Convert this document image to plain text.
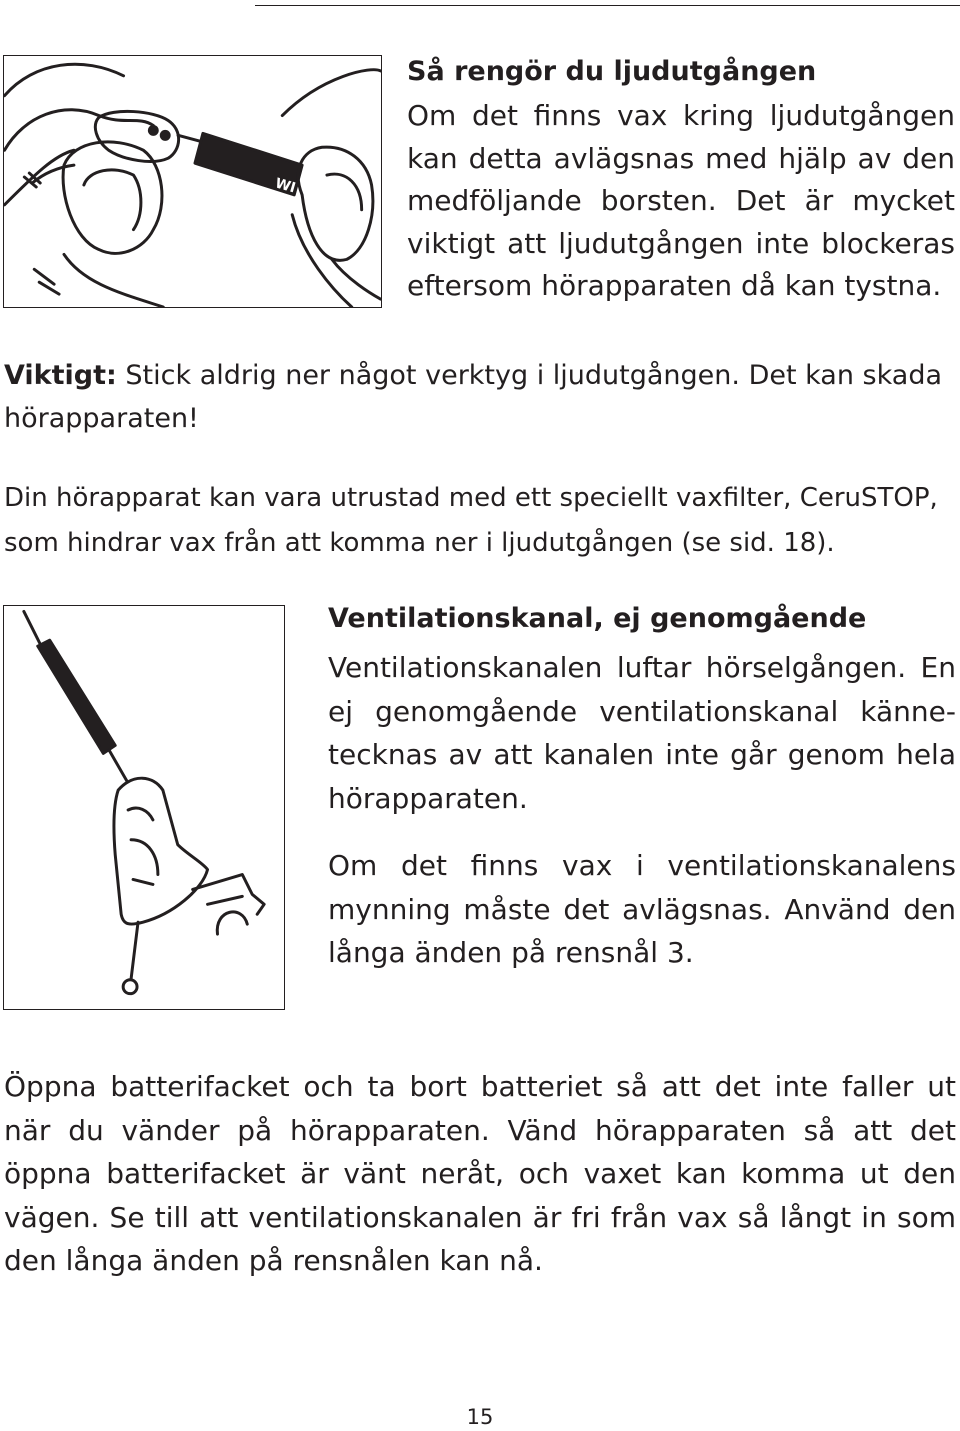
WI

Så rengör du ljudutgången

Om det finns vax kring ljudutgången kan detta avlägsnas med hjälp av den medföljande borsten. Det är mycket viktigt att ljudutgången inte blockeras eftersom hörapparaten då kan tystna.

Viktigt: Stick aldrig ner något verktyg i ljudutgången. Det kan skada hörapparaten!

Din hörapparat kan vara utrustad med ett speciellt vaxfilter, CeruSTOP, som hindrar vax från att komma ner i ljudutgången (se sid. 18).

Ventilationskanal, ej genomgående

Ventilationskanalen luftar hörselgången. En ej genomgående ventilationskanal kännetecknas av att kanalen inte går genom hela hörapparaten.

Om det finns vax i ventilationskanalens mynning måste det avlägsnas. Använd den långa änden på rensnål 3.

Öppna batterifacket och ta bort batteriet så att det inte faller ut när du vänder på hörapparaten. Vänd hörapparaten så att det öppna batterifacket är vänt neråt, och vaxet kan komma ut den vägen. Se till att ventilationskanalen är fri från vax så långt in som den långa änden på rensnålen kan nå.

15
